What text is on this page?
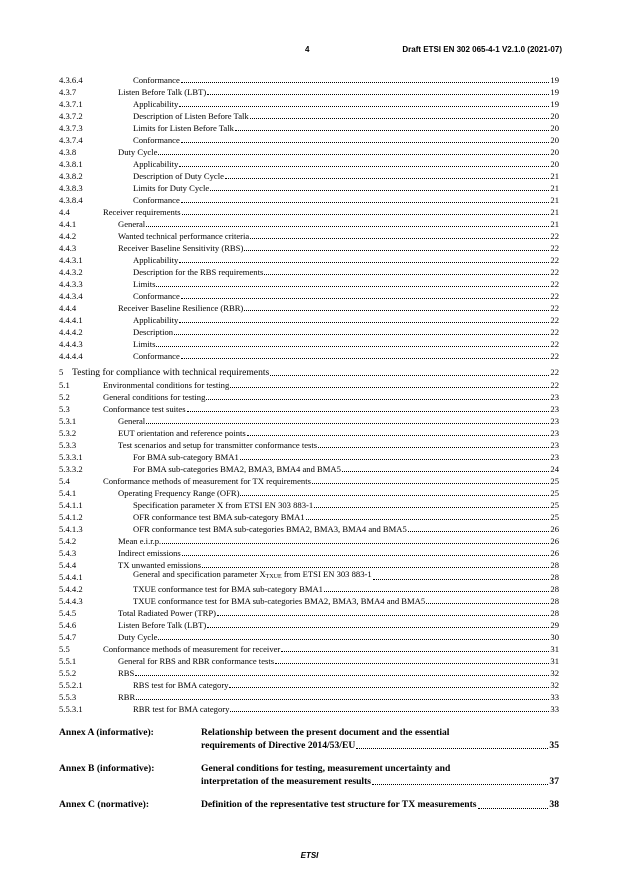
4	Draft ETSI EN 302 065-4-1 V2.1.0 (2021-07)
4.3.6.4	Conformance	19
4.3.7	Listen Before Talk (LBT)	19
4.3.7.1	Applicability	19
4.3.7.2	Description of Listen Before Talk	20
4.3.7.3	Limits for Listen Before Talk	20
4.3.7.4	Conformance	20
4.3.8	Duty Cycle	20
4.3.8.1	Applicability	20
4.3.8.2	Description of Duty Cycle	21
4.3.8.3	Limits for Duty Cycle	21
4.3.8.4	Conformance	21
4.4	Receiver requirements	21
4.4.1	General	21
4.4.2	Wanted technical performance criteria	22
4.4.3	Receiver Baseline Sensitivity (RBS)	22
4.4.3.1	Applicability	22
4.4.3.2	Description for the RBS requirements	22
4.4.3.3	Limits	22
4.4.3.4	Conformance	22
4.4.4	Receiver Baseline Resilience (RBR)	22
4.4.4.1	Applicability	22
4.4.4.2	Description	22
4.4.4.3	Limits	22
4.4.4.4	Conformance	22
5 Testing for compliance with technical requirements	22
5.1	Environmental conditions for testing	22
5.2	General conditions for testing	23
5.3	Conformance test suites	23
5.3.1	General	23
5.3.2	EUT orientation and reference points	23
5.3.3	Test scenarios and setup for transmitter conformance tests	23
5.3.3.1	For BMA sub-category BMA1	23
5.3.3.2	For BMA sub-categories BMA2, BMA3, BMA4 and BMA5	24
5.4	Conformance methods of measurement for TX requirements	25
5.4.1	Operating Frequency Range (OFR)	25
5.4.1.1	Specification parameter X from ETSI EN 303 883-1	25
5.4.1.2	OFR conformance test BMA sub-category BMA1	25
5.4.1.3	OFR conformance test BMA sub-categories BMA2, BMA3, BMA4 and BMA5	26
5.4.2	Mean e.i.r.p.	26
5.4.3	Indirect emissions	26
5.4.4	TX unwanted emissions	28
5.4.4.1	General and specification parameter XTXUE from ETSI EN 303 883-1	28
5.4.4.2	TXUE conformance test for BMA sub-category BMA1	28
5.4.4.3	TXUE conformance test for BMA sub-categories BMA2, BMA3, BMA4 and BMA5	28
5.4.5	Total Radiated Power (TRP)	28
5.4.6	Listen Before Talk (LBT)	29
5.4.7	Duty Cycle	30
5.5	Conformance methods of measurement for receiver	31
5.5.1	General for RBS and RBR conformance tests	31
5.5.2	RBS	32
5.5.2.1	RBS test for BMA category	32
5.5.3	RBR	33
5.5.3.1	RBR test for BMA category	33
Annex A (informative):	Relationship between the present document and the essential
requirements of Directive 2014/53/EU	35
Annex B (informative):	General conditions for testing, measurement uncertainty and
interpretation of the measurement results	37
Annex C (normative):	Definition of the representative test structure for TX measurements	38
ETSI
